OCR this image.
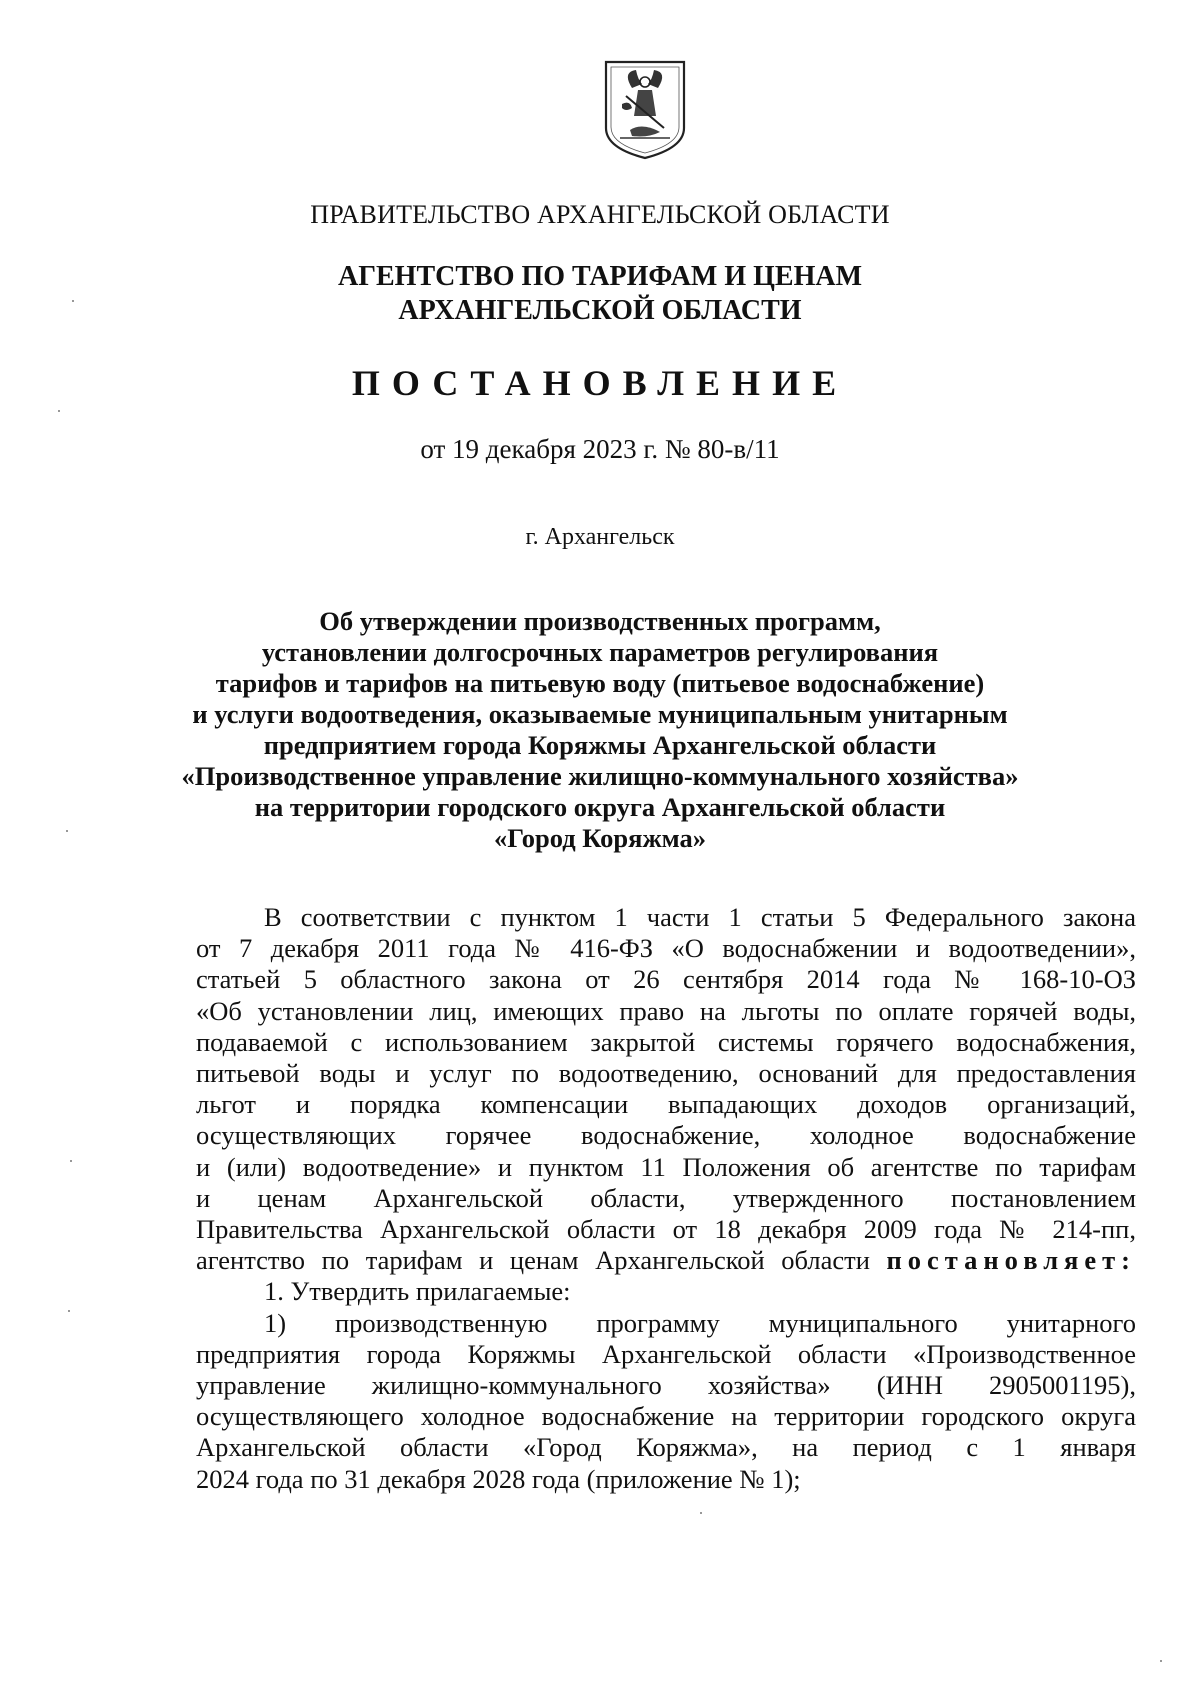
ПРАВИТЕЛЬСТВО АРХАНГЕЛЬСКОЙ ОБЛАСТИ
АГЕНТСТВО ПО ТАРИФАМ И ЦЕНАМ
АРХАНГЕЛЬСКОЙ ОБЛАСТИ
ПОСТАНОВЛЕНИЕ
от 19 декабря 2023 г. № 80-в/11
г. Архангельск
Об утверждении производственных программ,
установлении долгосрочных параметров регулирования
тарифов и тарифов на питьевую воду (питьевое водоснабжение)
и услуги водоотведения, оказываемые муниципальным унитарным
предприятием города Коряжмы Архангельской области
«Производственное управление жилищно-коммунального хозяйства»
на территории городского округа Архангельской области
«Город Коряжма»
В соответствии с пунктом 1 части 1 статьи 5 Федерального закона
от 7 декабря 2011 года № 416-ФЗ «О водоснабжении и водоотведении»,
статьей 5 областного закона от 26 сентября 2014 года № 168-10-ОЗ
«Об установлении лиц, имеющих право на льготы по оплате горячей воды,
подаваемой с использованием закрытой системы горячего водоснабжения,
питьевой воды и услуг по водоотведению, оснований для предоставления
льгот и порядка компенсации выпадающих доходов организаций,
осуществляющих горячее водоснабжение, холодное водоснабжение
и (или) водоотведение» и пунктом 11 Положения об агентстве по тарифам
и ценам Архангельской области, утвержденного постановлением
Правительства Архангельской области от 18 декабря 2009 года № 214-пп,
агентство по тарифам и ценам Архангельской области постановляет:
1. Утвердить прилагаемые:
1) производственную программу муниципального унитарного
предприятия города Коряжмы Архангельской области «Производственное
управление жилищно-коммунального хозяйства» (ИНН 2905001195),
осуществляющего холодное водоснабжение на территории городского округа
Архангельской области «Город Коряжма», на период с 1 января
2024 года по 31 декабря 2028 года (приложение № 1);
